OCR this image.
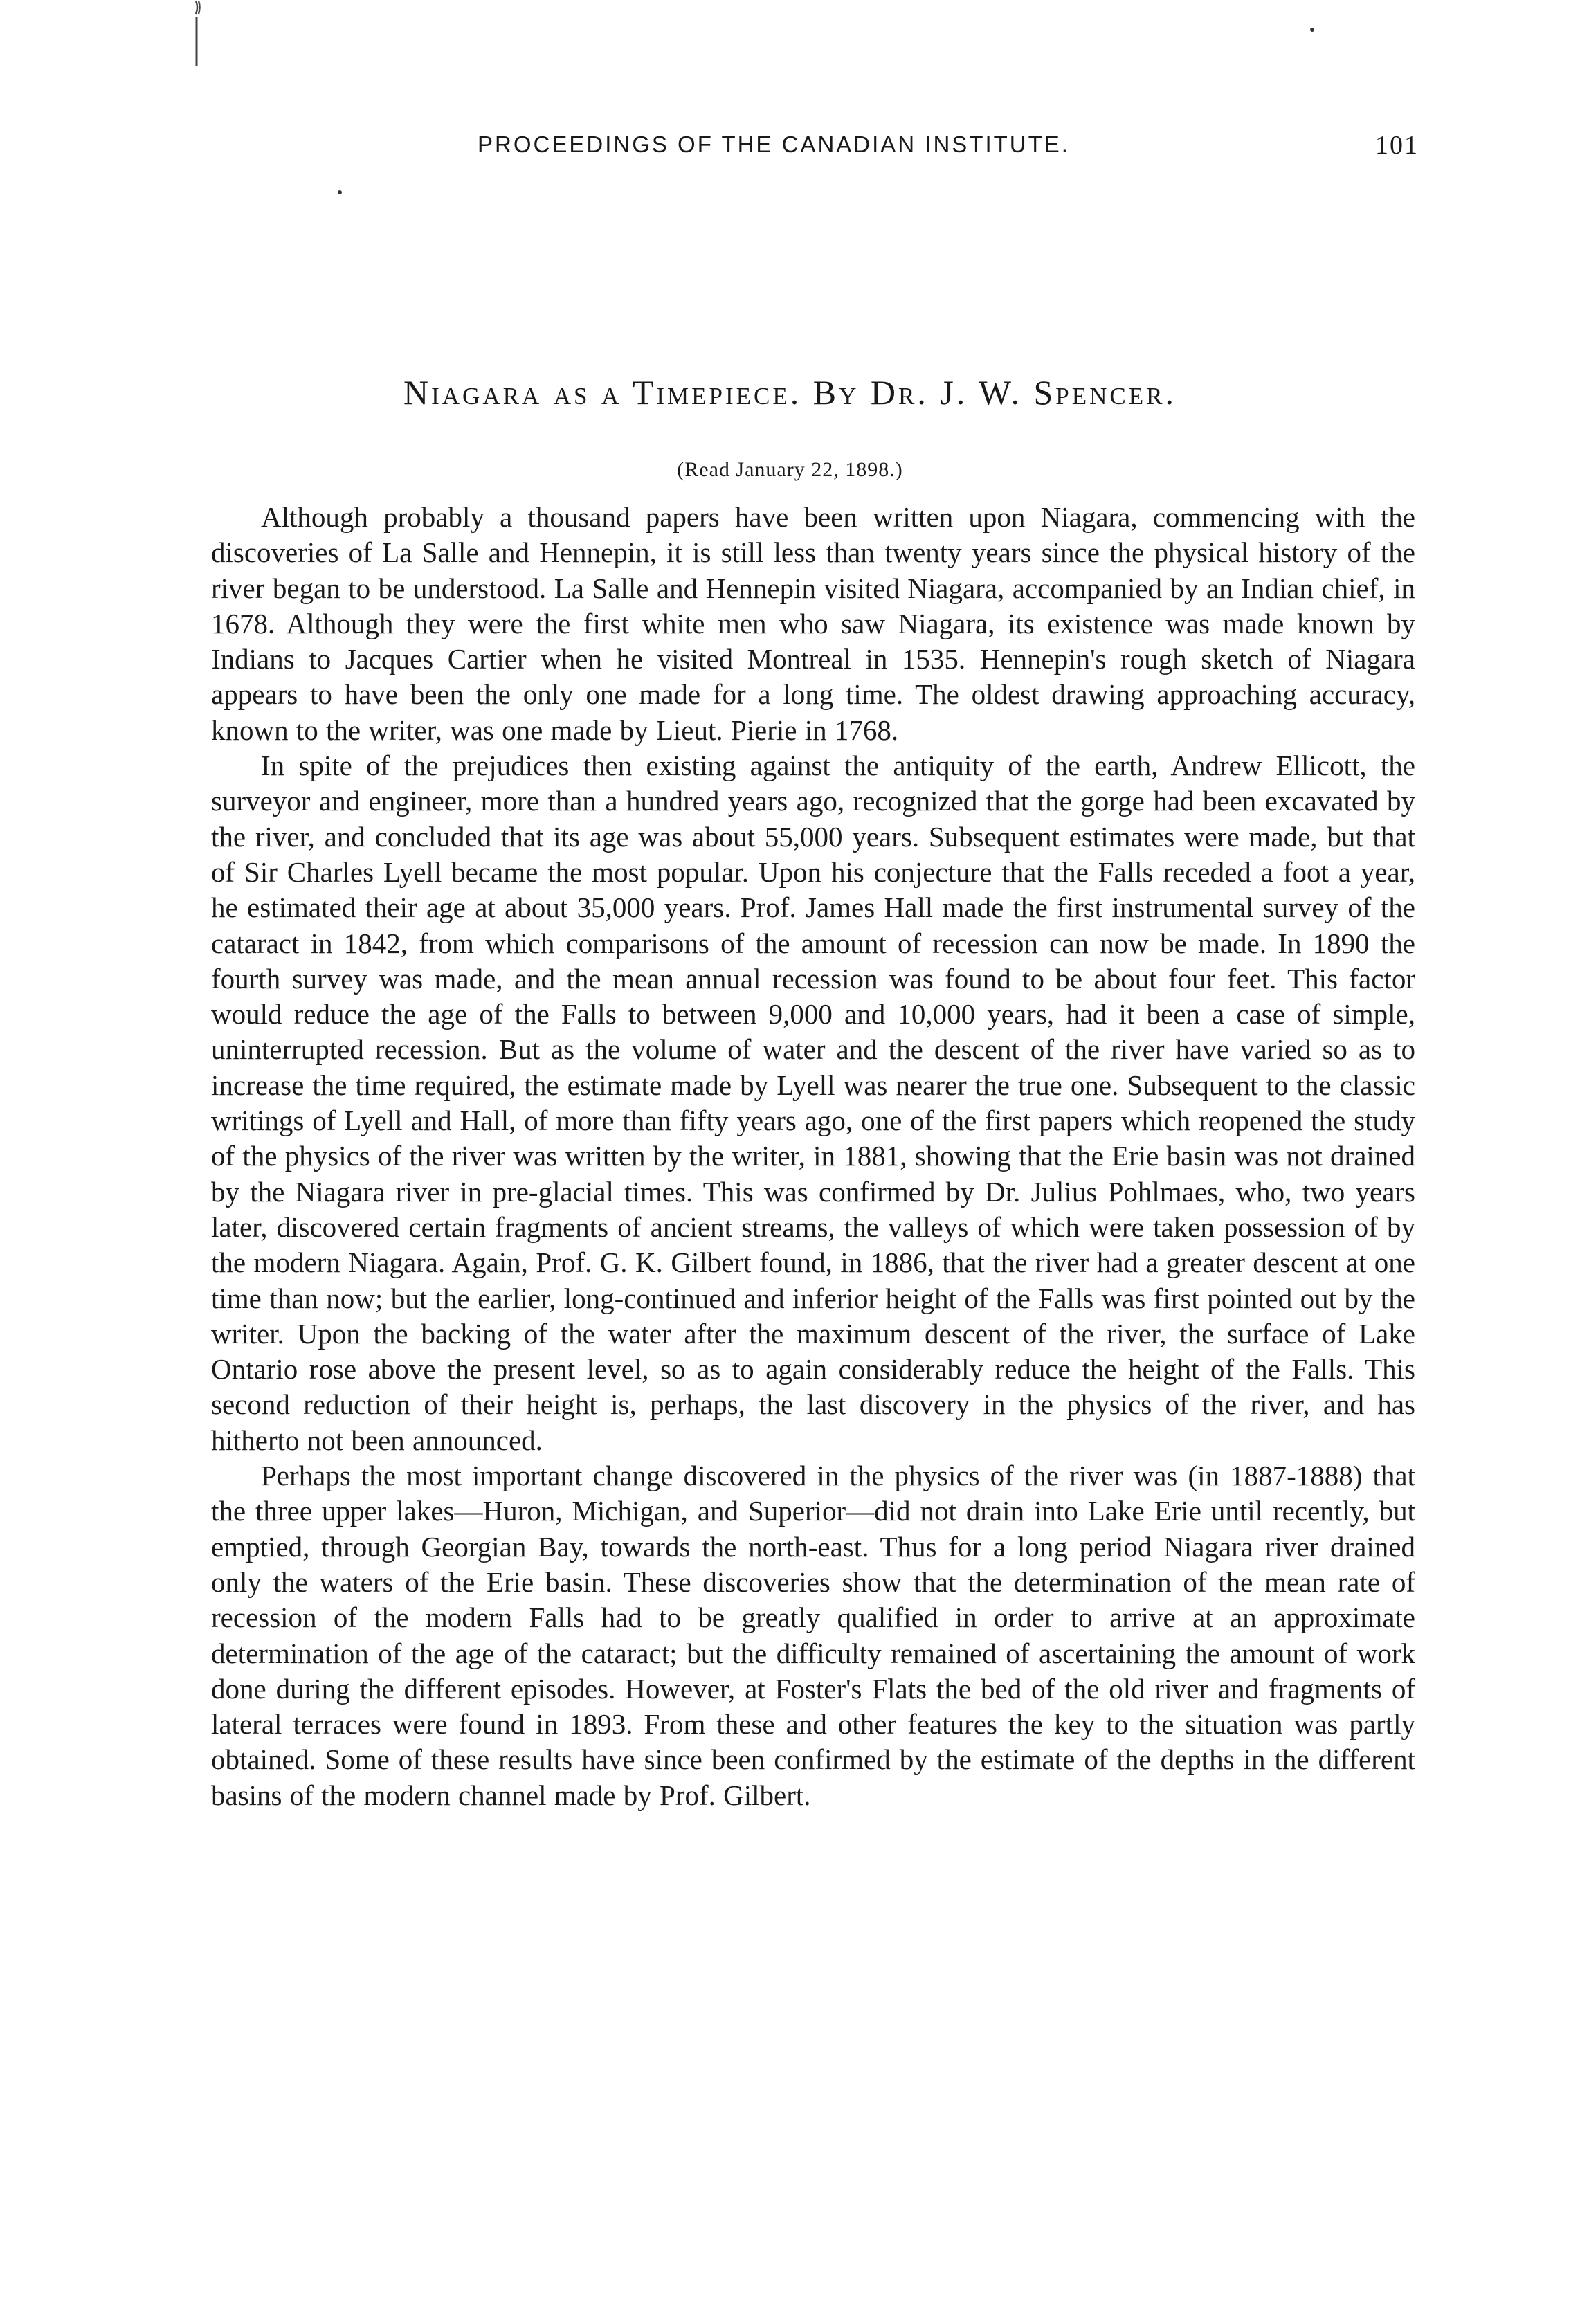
PROCEEDINGS OF THE CANADIAN INSTITUTE.	101
Niagara as a Timepiece. By Dr. J. W. Spencer.
(Read January 22, 1898.)

Although probably a thousand papers have been written upon Niagara, commencing with the discoveries of La Salle and Hennepin, it is still less than twenty years since the physical history of the river began to be understood. La Salle and Hennepin visited Niagara, accompanied by an Indian chief, in 1678. Although they were the first white men who saw Niagara, its existence was made known by Indians to Jacques Cartier when he visited Montreal in 1535. Hennepin's rough sketch of Niagara appears to have been the only one made for a long time. The oldest drawing approaching accuracy, known to the writer, was one made by Lieut. Pierie in 1768.

In spite of the prejudices then existing against the antiquity of the earth, Andrew Ellicott, the surveyor and engineer, more than a hundred years ago, recognized that the gorge had been excavated by the river, and concluded that its age was about 55,000 years. Subsequent estimates were made, but that of Sir Charles Lyell became the most popular. Upon his conjecture that the Falls receded a foot a year, he estimated their age at about 35,000 years. Prof. James Hall made the first instrumental survey of the cataract in 1842, from which comparisons of the amount of recession can now be made. In 1890 the fourth survey was made, and the mean annual recession was found to be about four feet. This factor would reduce the age of the Falls to between 9,000 and 10,000 years, had it been a case of simple, uninterrupted recession. But as the volume of water and the descent of the river have varied so as to increase the time required, the estimate made by Lyell was nearer the true one. Subsequent to the classic writings of Lyell and Hall, of more than fifty years ago, one of the first papers which reopened the study of the physics of the river was written by the writer, in 1881, showing that the Erie basin was not drained by the Niagara river in pre-glacial times. This was confirmed by Dr. Julius Pohlmaes, who, two years later, discovered certain fragments of ancient streams, the valleys of which were taken possession of by the modern Niagara. Again, Prof. G. K. Gilbert found, in 1886, that the river had a greater descent at one time than now; but the earlier, long-continued and inferior height of the Falls was first pointed out by the writer. Upon the backing of the water after the maximum descent of the river, the surface of Lake Ontario rose above the present level, so as to again considerably reduce the height of the Falls. This second reduction of their height is, perhaps, the last discovery in the physics of the river, and has hitherto not been announced.

Perhaps the most important change discovered in the physics of the river was (in 1887-1888) that the three upper lakes—Huron, Michigan, and Superior—did not drain into Lake Erie until recently, but emptied, through Georgian Bay, towards the north-east. Thus for a long period Niagara river drained only the waters of the Erie basin. These discoveries show that the determination of the mean rate of recession of the modern Falls had to be greatly qualified in order to arrive at an approximate determination of the age of the cataract; but the difficulty remained of ascertaining the amount of work done during the different episodes. However, at Foster's Flats the bed of the old river and fragments of lateral terraces were found in 1893. From these and other features the key to the situation was partly obtained. Some of these results have since been confirmed by the estimate of the depths in the different basins of the modern channel made by Prof. Gilbert.
